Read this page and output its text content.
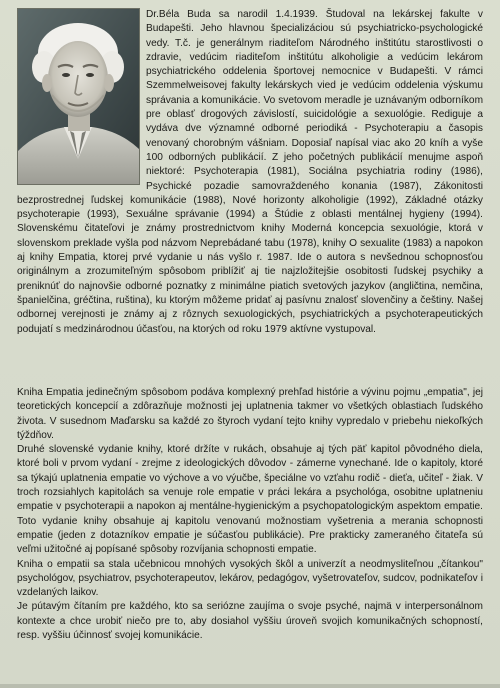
Dr.Béla Buda sa narodil 1.4.1939. Študoval na lekárskej fakulte v Budapešti. Jeho hlavnou špecializáciou sú psychiatricko-psychologické vedy. T.č. je generálnym riaditeľom Národného inštitútu starostlivosti o zdravie, vedúcim riaditeľom inštitútu alkoholigie a vedúcim lekárom psychiatrického oddelenia športovej nemocnice v Budapešti. V rámci Szemmelweisovej fakulty lekárskych vied je vedúcim oddelenia výskumu správania a komunikácie. Vo svetovom meradle je uznávaným odborníkom pre oblasť drogových závislostí, suicidológie a sexuológie. Rediguje a vydáva dve významné odborné periodiká - Psychoterapiu a časopis venovaný chorobným vášniam. Doposiaľ napísal viac ako 20 kníh a vyše 100 odborných publikácií. Z jeho početných publikácií menujme aspoň niektoré: Psychoterapia (1981), Sociálna psychiatria rodiny (1986), Psychické pozadie samovraždeného konania (1987), Zákonitosti bezprostrednej ľudskej komunikácie (1988), Nové horizonty alkoholigie (1992), Základné otázky psychoterapie (1993), Sexuálne správanie (1994) a Štúdie z oblasti mentálnej hygieny (1994). Slovenskému čitateľovi je známy prostrednictvom knihy Moderná koncepcia sexuológie, ktorá v slovenskom preklade vyšla pod názvom Neprebádané tabu (1978), knihy O sexualite (1983) a napokon aj knihy Empatia, ktorej prvé vydanie u nás vyšlo r. 1987. Ide o autora s nevšednou schopnosťou originálnym a zrozumiteľným spôsobom priblížiť aj tie najzložitejšie osobitosti ľudskej psychiky a preniknúť do najnovšie odborné poznatky z minimálne piatich svetových jazykov (angličtina, nemčina, španielčina, gréčtina, ruština), ku ktorým môžeme pridať aj pasívnu znalosť slovenčiny a češtiny. Našej odbornej verejnosti je známy aj z rôznych sexuologických, psychiatrických a psychoterapeutických podujatí s medzinárodnou účasťou, na ktorých od roku 1979 aktívne vystupoval.

Kniha Empatia jedinečným spôsobom podáva komplexný prehľad histórie a vývinu pojmu „empatia", jej teoretických koncepcií a zdôrazňuje možnosti jej uplatnenia takmer vo všetkých oblastiach ľudského života. V susednom Maďarsku sa každé zo štyroch vydaní tejto knihy vypredalo v priebehu niekoľkých týždňov.

Druhé slovenské vydanie knihy, ktoré držíte v rukách, obsahuje aj tých päť kapitol pôvodného diela, ktoré boli v prvom vydaní - zrejme z ideologických dôvodov - zámerne vynechané. Ide o kapitoly, ktoré sa týkajú uplatnenia empatie vo výchove a vo výučbe, špeciálne vo vzťahu rodič - dieťa, učiteľ - žiak. V troch rozsiahlych kapitolách sa venuje role empatie v práci lekára a psychológa, osobitne uplatneniu empatie v psychoterapii a napokon aj mentálne-hygienickým a psychopatologickým aspektom empatie. Toto vydanie knihy obsahuje aj kapitolu venovanú možnostiam vyšetrenia a merania schopnosti empatie (jeden z dotazníkov empatie je súčasťou publikácie). Pre prakticky zameraného čitateľa sú veľmi užitočné aj popísané spôsoby rozvíjania schopnosti empatie.

Kniha o empatii sa stala učebnicou mnohých vysokých škôl a univerzít a neodmysliteľnou „čítankou" psychológov, psychiatrov, psychoterapeutov, lekárov, pedagógov, vyšetrovateľov, sudcov, podnikateľov i vzdelaných laikov.

Je pútavým čítaním pre každého, kto sa seriózne zaujíma o svoje psyché, najmä v interpersonálnom kontexte a chce urobiť niečo pre to, aby dosiahol vyššiu úroveň svojich komunikačných schopností, resp. vyššiu účinnosť svojej komunikácie.
